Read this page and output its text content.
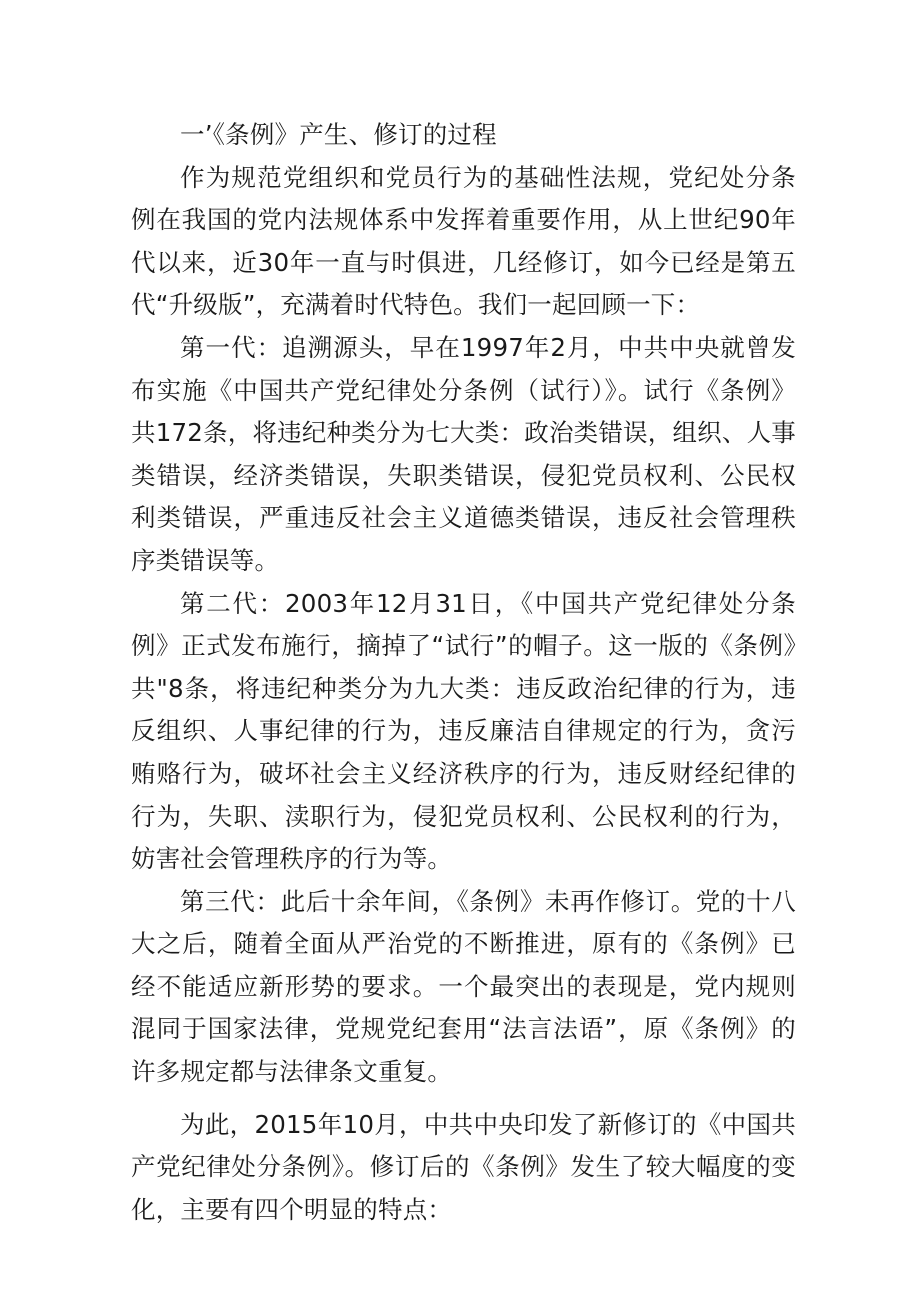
一’《条例》产生、修订的过程

作为规范党组织和党员行为的基础性法规，党纪处分条例在我国的党内法规体系中发挥着重要作用，从上世纪90年代以来，近30年一直与时俱进，几经修订，如今已经是第五代“升级版”，充满着时代特色。我们一起回顾一下：

第一代：追溯源头，早在1997年2月，中共中央就曾发布实施《中国共产党纪律处分条例（试行）》。试行《条例》共172条，将违纪种类分为七大类：政治类错误，组织、人事类错误，经济类错误，失职类错误，侵犯党员权利、公民权利类错误，严重违反社会主义道德类错误，违反社会管理秩序类错误等。

第二代：2003年12月31日，《中国共产党纪律处分条例》正式发布施行，摘掉了“试行”的帽子。这一版的《条例》共"8条，将违纪种类分为九大类：违反政治纪律的行为，违反组织、人事纪律的行为，违反廉洁自律规定的行为，贪污贿赂行为，破坏社会主义经济秩序的行为，违反财经纪律的行为，失职、渎职行为，侵犯党员权利、公民权利的行为，妨害社会管理秩序的行为等。

第三代：此后十余年间，《条例》未再作修订。党的十八大之后，随着全面从严治党的不断推进，原有的《条例》已经不能适应新形势的要求。一个最突出的表现是，党内规则混同于国家法律，党规党纪套用“法言法语”，原《条例》的许多规定都与法律条文重复。

为此，2015年10月，中共中央印发了新修订的《中国共产党纪律处分条例》。修订后的《条例》发生了较大幅度的变化，主要有四个明显的特点：
